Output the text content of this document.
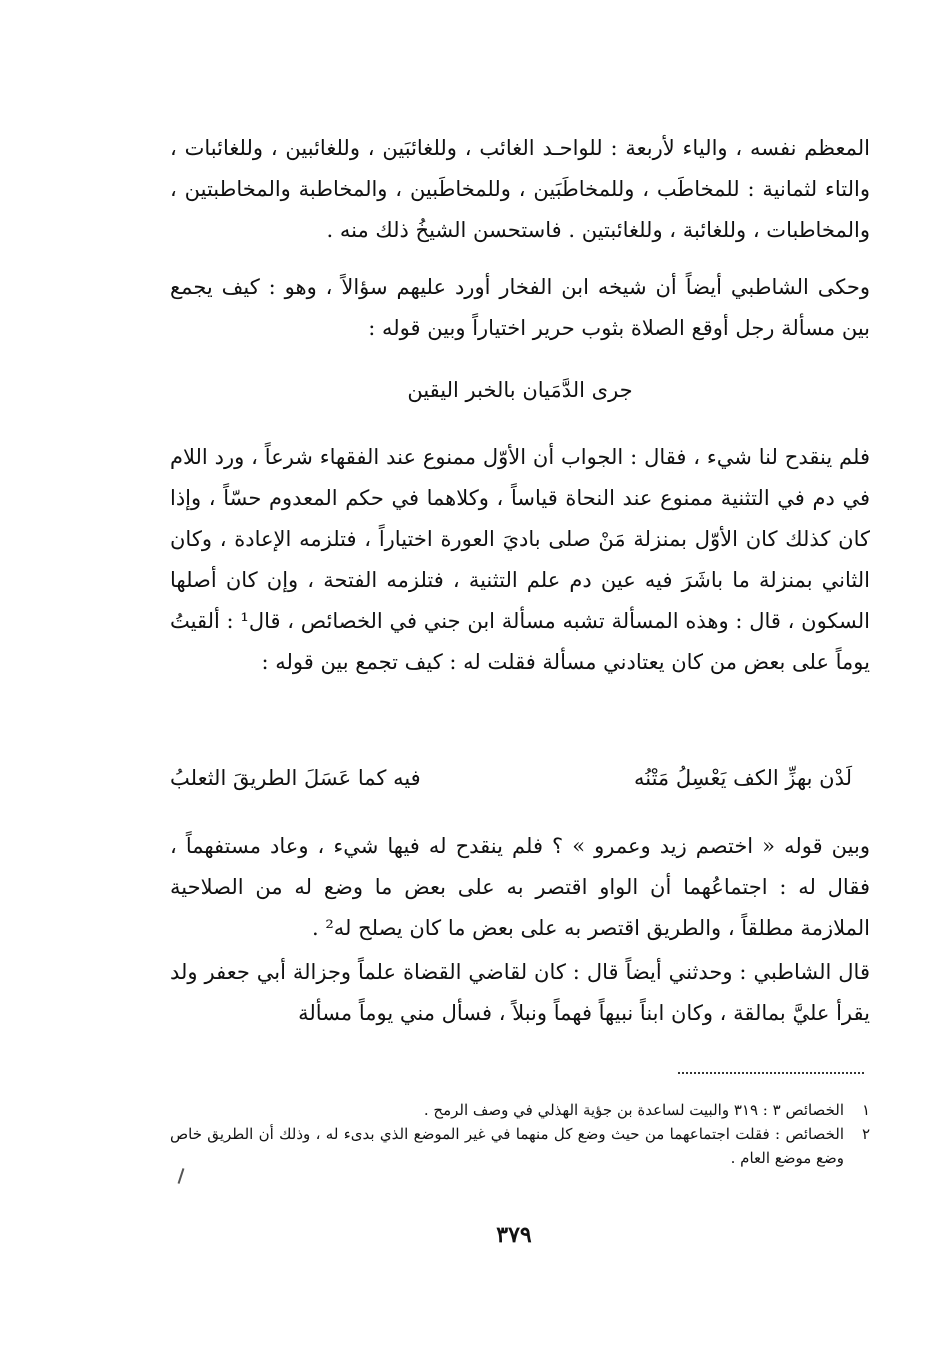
المعظم نفسه ، والياء لأربعة : للواحـد الغائب ، وللغائبَين ، وللغائبين ، وللغائبات ، والتاء لثمانية : للمخاطَب ، وللمخاطَبَين ، وللمخاطَبين ، والمخاطبة والمخاطبتين ، والمخاطبات ، وللغائبة ، وللغائبتين . فاستحسن الشيخُ ذلك منه .

وحكى الشاطبي أيضاً أن شيخه ابن الفخار أورد عليهم سؤالاً ، وهو : كيف يجمع بين مسألة رجل أوقع الصلاة بثوب حرير اختياراً وبين قوله :

جرى الدَّمَيان بالخبر اليقين

فلم ينقدح لنا شيء ، فقال : الجواب أن الأوّل ممنوع عند الفقهاء شرعاً ، ورد اللام في دم في التثنية ممنوع عند النحاة قياساً ، وكلاهما في حكم المعدوم حسّاً ، وإذا كان كذلك كان الأوّل بمنزلة مَنْ صلى باديَ العورة اختياراً ، فتلزمه الإعادة ، وكان الثاني بمنزلة ما باشَرَ فيه عين دم علم التثنية ، فتلزمه الفتحة ، وإن كان أصلها السكون ، قال : وهذه المسألة تشبه مسألة ابن جني في الخصائص ، قال¹ : ألقيتُ يوماً على بعض من كان يعتادني مسألة فقلت له : كيف تجمع بين قوله :

لَدْن بهزِّ الكف يَعْسِلُ مَتْنُه
فيه كما عَسَلَ الطريقَ الثعلبُ

وبين قوله « اختصم زيد وعمرو » ؟ فلم ينقدح له فيها شيء ، وعاد مستفهماً ، فقال له : اجتماعُهما أن الواو اقتصر به على بعض ما وضع له من الصلاحية الملازمة مطلقاً ، والطريق اقتصر به على بعض ما كان يصلح له² .

قال الشاطبي : وحدثني أيضاً قال : كان لقاضي القضاة علماً وجزالة أبي جعفر ولد يقرأ عليَّ بمالقة ، وكان ابناً نبيهاً فهماً ونبلاً ، فسأل مني يوماً مسألة

١
الخصائص ٣ : ٣١٩ والبيت لساعدة بن جؤية الهذلي في وصف الرمح .
٢
الخصائص : فقلت اجتماعهما من حيث وضع كل منهما في غير الموضع الذي بدىء له ، وذلك أن الطريق خاص وضع موضع العام .
٣٧٩
